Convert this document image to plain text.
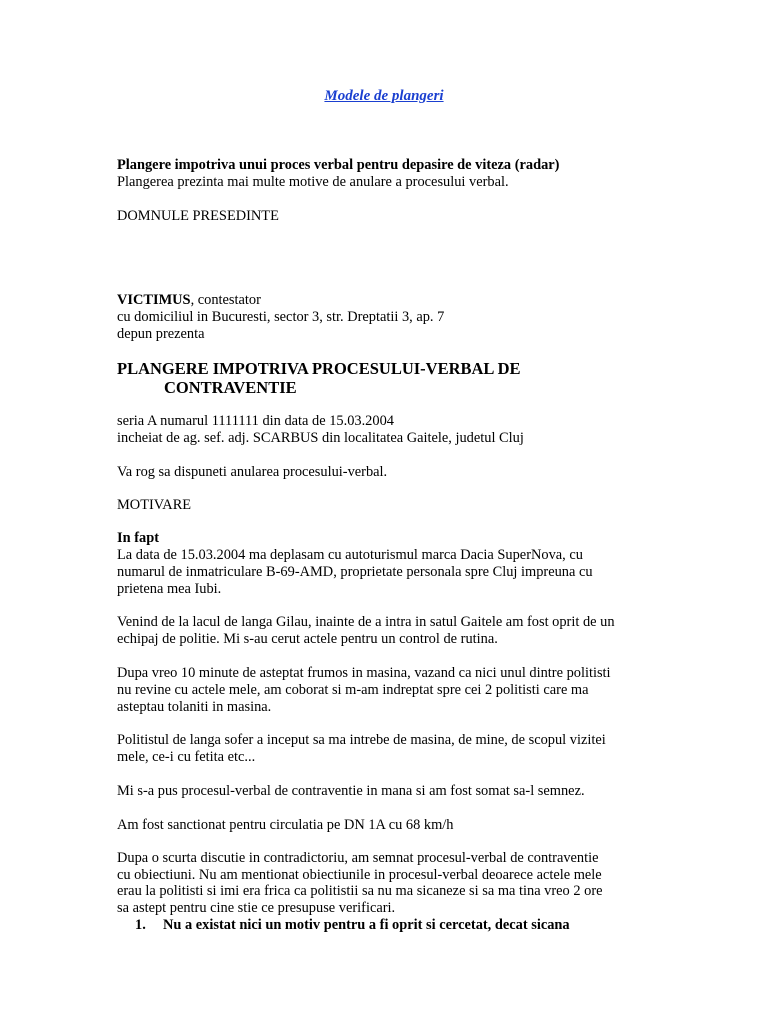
Modele de plangeri
Plangere impotriva unui proces verbal pentru depasire de viteza (radar)
Plangerea prezinta mai multe motive de anulare a procesului verbal.
DOMNULE PRESEDINTE
VICTIMUS, contestator
cu domiciliul in Bucuresti, sector 3, str. Dreptatii 3, ap. 7
depun prezenta
PLANGERE IMPOTRIVA PROCESULUI-VERBAL DE
CONTRAVENTIE
seria A numarul 1111111 din data de 15.03.2004
incheiat de ag. sef. adj. SCARBUS din localitatea Gaitele, judetul Cluj
Va rog sa dispuneti anularea procesului-verbal.
MOTIVARE
In fapt
La data de 15.03.2004 ma deplasam cu autoturismul marca Dacia SuperNova, cu
numarul de inmatriculare B-69-AMD, proprietate personala spre Cluj impreuna cu
prietena mea Iubi.
Venind de la lacul de langa Gilau, inainte de a intra in satul Gaitele am fost oprit de un
echipaj de politie. Mi s-au cerut actele pentru un control de rutina.
Dupa vreo 10 minute de asteptat frumos in masina, vazand ca nici unul dintre politisti
nu revine cu actele mele, am coborat si m-am indreptat spre cei 2 politisti care ma
asteptau tolaniti in masina.
Politistul de langa sofer a inceput sa ma intrebe de masina, de mine, de scopul vizitei
mele, ce-i cu fetita etc...
Mi s-a pus procesul-verbal de contraventie in mana si am fost somat sa-l semnez.
Am fost sanctionat pentru circulatia pe DN 1A cu 68 km/h
Dupa o scurta discutie in contradictoriu, am semnat procesul-verbal de contraventie
cu obiectiuni. Nu am mentionat obiectiunile in procesul-verbal deoarece actele mele
erau la politisti si imi era frica ca politistii sa nu ma sicaneze si sa ma tina vreo 2 ore
sa astept pentru cine stie ce presupuse verificari.
1. Nu a existat nici un motiv pentru a fi oprit si cercetat, decat sicana
